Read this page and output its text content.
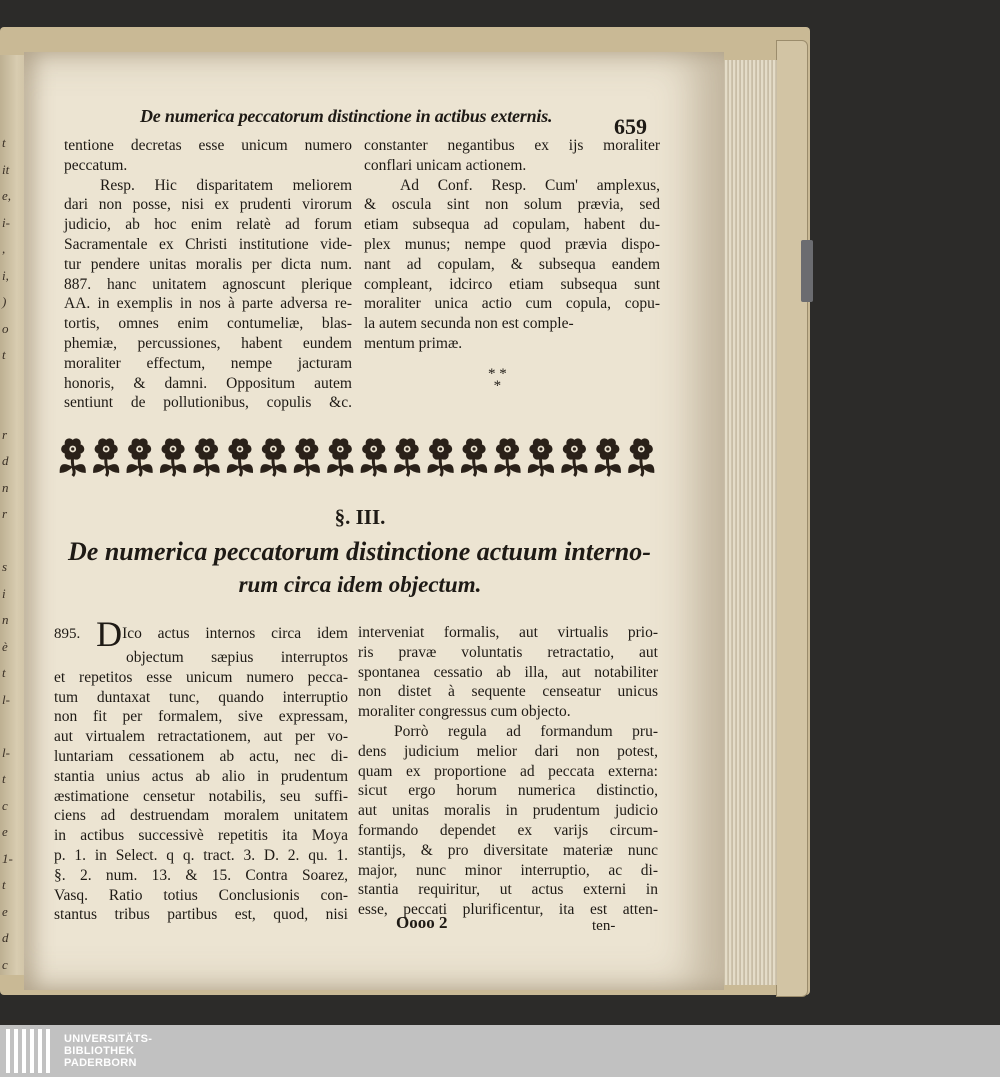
t
it
e,
i-
,
i,
)
o
t
r
d
n
r
s
i
n
è
t
l-
l-
t
c
e
1-
t
e
d
c
De numerica peccatorum distinctione in actibus externis.	659
tentione decretas esse unicum numero
peccatum.
Resp. Hic disparitatem meliorem
dari non posse, nisi ex prudenti virorum
judicio, ab hoc enim relatè ad forum
Sacramentale ex Christi institutione vide-
tur pendere unitas moralis per dicta num.
887. hanc unitatem agnoscunt plerique
AA. in exemplis in nos à parte adversa re-
tortis, omnes enim contumeliæ, blas-
phemiæ, percussiones, habent eundem
moraliter effectum, nempe jacturam
honoris, & damni. Oppositum autem
sentiunt de pollutionibus, copulis &c.
constanter negantibus ex ijs moraliter
conflari unicam actionem.
Ad Conf. Resp. Cum' amplexus,
& oscula sint non solum prævia, sed
etiam subsequa ad copulam, habent du-
plex munus; nempe quod prævia dispo-
nant ad copulam, & subsequa eandem
compleant, idcirco etiam subsequa sunt
moraliter unica actio cum copula, copu-
la autem secunda non est comple-
mentum primæ.
* *
*
§. III.
De numerica peccatorum distinctione actuum interno-
rum circa idem objectum.
895. DIco actus internos circa idem
objectum sæpius interruptos
et repetitos esse unicum numero pecca-
tum duntaxat tunc, quando interruptio
non fit per formalem, sive expressam,
aut virtualem retractationem, aut per vo-
luntariam cessationem ab actu, nec di-
stantia unius actus ab alio in prudentum
æstimatione censetur notabilis, seu suffi-
ciens ad destruendam moralem unitatem
in actibus successivè repetitis ita Moya
p. 1. in Select. q q. tract. 3. D. 2. qu. 1.
§. 2. num. 13. & 15. Contra Soarez,
Vasq. Ratio totius Conclusionis con-
stantus tribus partibus est, quod, nisi
interveniat formalis, aut virtualis prio-
ris pravæ voluntatis retractatio, aut
spontanea cessatio ab illa, aut notabiliter
non distet à sequente censeatur unicus
moraliter congressus cum objecto.
Porrò regula ad formandum pru-
dens judicium melior dari non potest,
quam ex proportione ad peccata externa:
sicut ergo horum numerica distinctio,
aut unitas moralis in prudentum judicio
formando dependet ex varijs circum-
stantijs, & pro diversitate materiæ nunc
major, nunc minor interruptio, ac di-
stantia requiritur, ut actus externi in
esse, peccati plurificentur, ita est atten-
Oooo 2	ten-
UNIVERSITÄTS-
BIBLIOTHEK
PADERBORN
